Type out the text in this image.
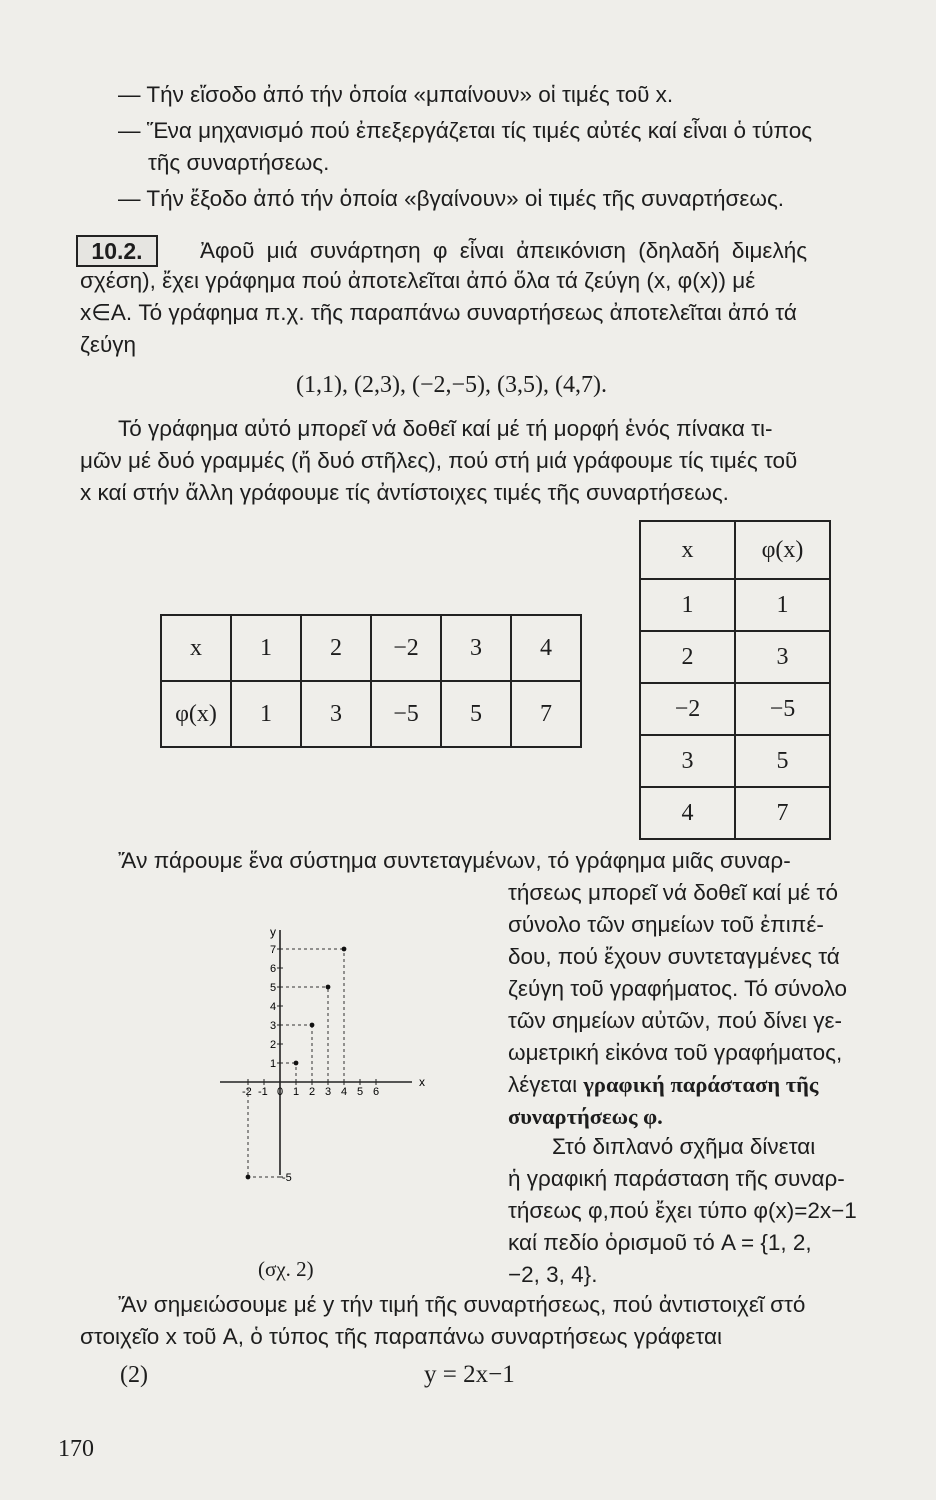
— Τήν εἴσοδο ἀπό τήν ὁποία «μπαίνουν» οἱ τιμές τοῦ x.
— Ἕνα μηχανισμό πού ἐπεξεργάζεται τίς τιμές αὐτές καί εἶναι ὁ τύπος
τῆς συναρτήσεως.
— Τήν ἔξοδο ἀπό τήν ὁποία «βγαίνουν» οἱ τιμές τῆς συναρτήσεως.
10.2.	Ἀφοῦ μιά συνάρτηση φ εἶναι ἀπεικόνιση (δηλαδή διμελής
σχέση), ἔχει γράφημα πού ἀποτελεῖται ἀπό ὅλα τά ζεύγη (x, φ(x)) μέ
x∈A. Τό γράφημα π.χ. τῆς παραπάνω συναρτήσεως ἀποτελεῖται ἀπό τά
ζεύγη
(1,1), (2,3), (−2,−5), (3,5), (4,7).
Τό γράφημα αὐτό μπορεῖ νά δοθεῖ καί μέ τή μορφή ἑνός πίνακα τι-
μῶν μέ δυό γραμμές (ἤ δυό στῆλες), πού στή μιά γράφουμε τίς τιμές τοῦ
x καί στήν ἄλλη γράφουμε τίς ἀντίστοιχες τιμές τῆς συναρτήσεως.
x	1	2	−2	3	4
φ(x)	1	3	−5	5	7
x	φ(x)
1	1
2	3
−2	−5
3	5
4	7
Ἄν πάρουμε ἕνα σύστημα συντεταγμένων, τό γράφημα μιᾶς συναρ-
τήσεως μπορεῖ νά δοθεῖ καί μέ τό
σύνολο τῶν σημείων τοῦ ἐπιπέ-
δου, πού ἔχουν συντεταγμένες τά
ζεύγη τοῦ γραφήματος. Τό σύνολο
τῶν σημείων αὐτῶν, πού δίνει γε-
ωμετρική εἰκόνα τοῦ γραφήματος,
λέγεται γραφική παράσταση τῆς
συναρτήσεως φ.
Στό διπλανό σχῆμα δίνεται
ἡ γραφική παράσταση τῆς συναρ-
τήσεως φ,πού ἔχει τύπο φ(x)=2x−1
καί πεδίο ὁρισμοῦ τό A = {1, 2,
−2, 3, 4}.
y
x
-2 -1 0 1 2 3 4 5 6
1
2
3
4
5
6
7
-5
(σχ. 2)
Ἄν σημειώσουμε μέ y τήν τιμή τῆς συναρτήσεως, πού ἀντιστοιχεῖ στό
στοιχεῖο x τοῦ A, ὁ τύπος τῆς παραπάνω συναρτήσεως γράφεται
(2)	y = 2x−1
170
